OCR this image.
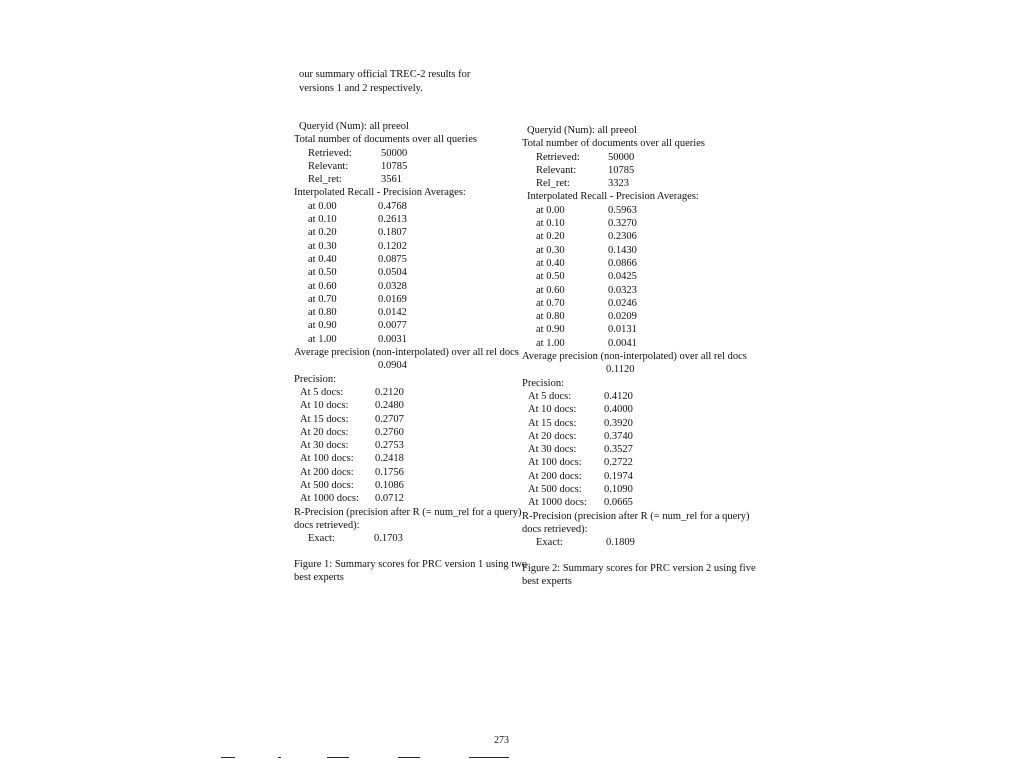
our summary official TREC-2 results for
versions 1 and 2 respectively.
Queryid (Num): all preeol
Total number of documents over all queries
Retrieved:	50000
Relevant:	10785
Rel_ret:	3561
Interpolated Recall - Precision Averages:
at 0.00	0.4768
at 0.10	0.2613
at 0.20	0.1807
at 0.30	0.1202
at 0.40	0.0875
at 0.50	0.0504
at 0.60	0.0328
at 0.70	0.0169
at 0.80	0.0142
at 0.90	0.0077
at 1.00	0.0031
Average precision (non-interpolated) over all rel docs
0.0904
Precision:
At 5 docs:	0.2120
At 10 docs:	0.2480
At 15 docs:	0.2707
At 20 docs:	0.2760
At 30 docs:	0.2753
At 100 docs: 0.2418
At 200 docs: 0.1756
At 500 docs: 0.1086
At 1000 docs: 0.0712
R-Precision (precision after R (= num_rel for a query) docs retrieved):
Exact:	0.1703
Figure 1: Summary scores for PRC version 1 using two best experts
Queryid (Num): all preeol
Total number of documents over all queries
Retrieved:	50000
Relevant:	10785
Rel_ret:	3323
Interpolated Recall - Precision Averages:
at 0.00	0.5963
at 0.10	0.3270
at 0.20	0.2306
at 0.30	0.1430
at 0.40	0.0866
at 0.50	0.0425
at 0.60	0.0323
at 0.70	0.0246
at 0.80	0.0209
at 0.90	0.0131
at 1.00	0.0041
Average precision (non-interpolated) over all rel docs
0.1120
Precision:
At 5 docs:	0.4120
At 10 docs:	0.4000
At 15 docs:	0.3920
At 20 docs:	0.3740
At 30 docs:	0.3527
At 100 docs: 0.2722
At 200 docs: 0.1974
At 500 docs: 0.1090
At 1000 docs: 0.0665
R-Precision (precision after R (= num_rel for a query) docs retrieved):
Exact:	0.1809
Figure 2: Summary scores for PRC version 2 using five best experts
273
